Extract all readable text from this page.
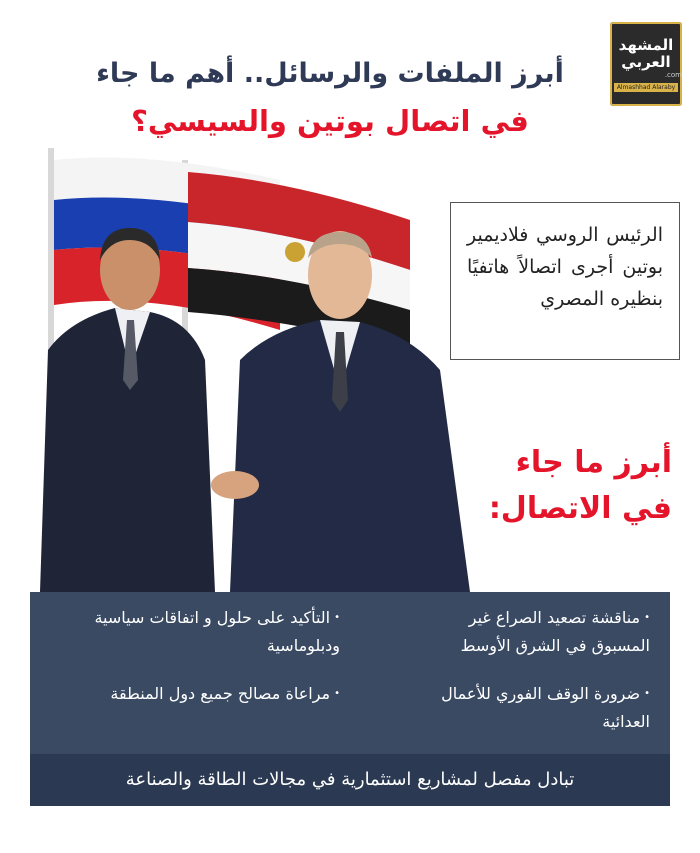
المشهد العربي
.com
Almashhad Alaraby
أبرز الملفات والرسائل.. أهم ما جاء
في اتصال بوتين والسيسي؟
الرئيس الروسي فلاديمير بوتين أجرى اتصالاً هاتفيًا بنظيره المصري
أبرز ما جاء
في الاتصال:
•مناقشة تصعيد الصراع غير المسبوق في الشرق الأوسط
•التأكيد على حلول و اتفاقات سياسية ودبلوماسية
•ضرورة الوقف الفوري للأعمال العدائية
•مراعاة مصالح جميع دول المنطقة
تبادل مفصل لمشاريع استثمارية في مجالات الطاقة والصناعة
